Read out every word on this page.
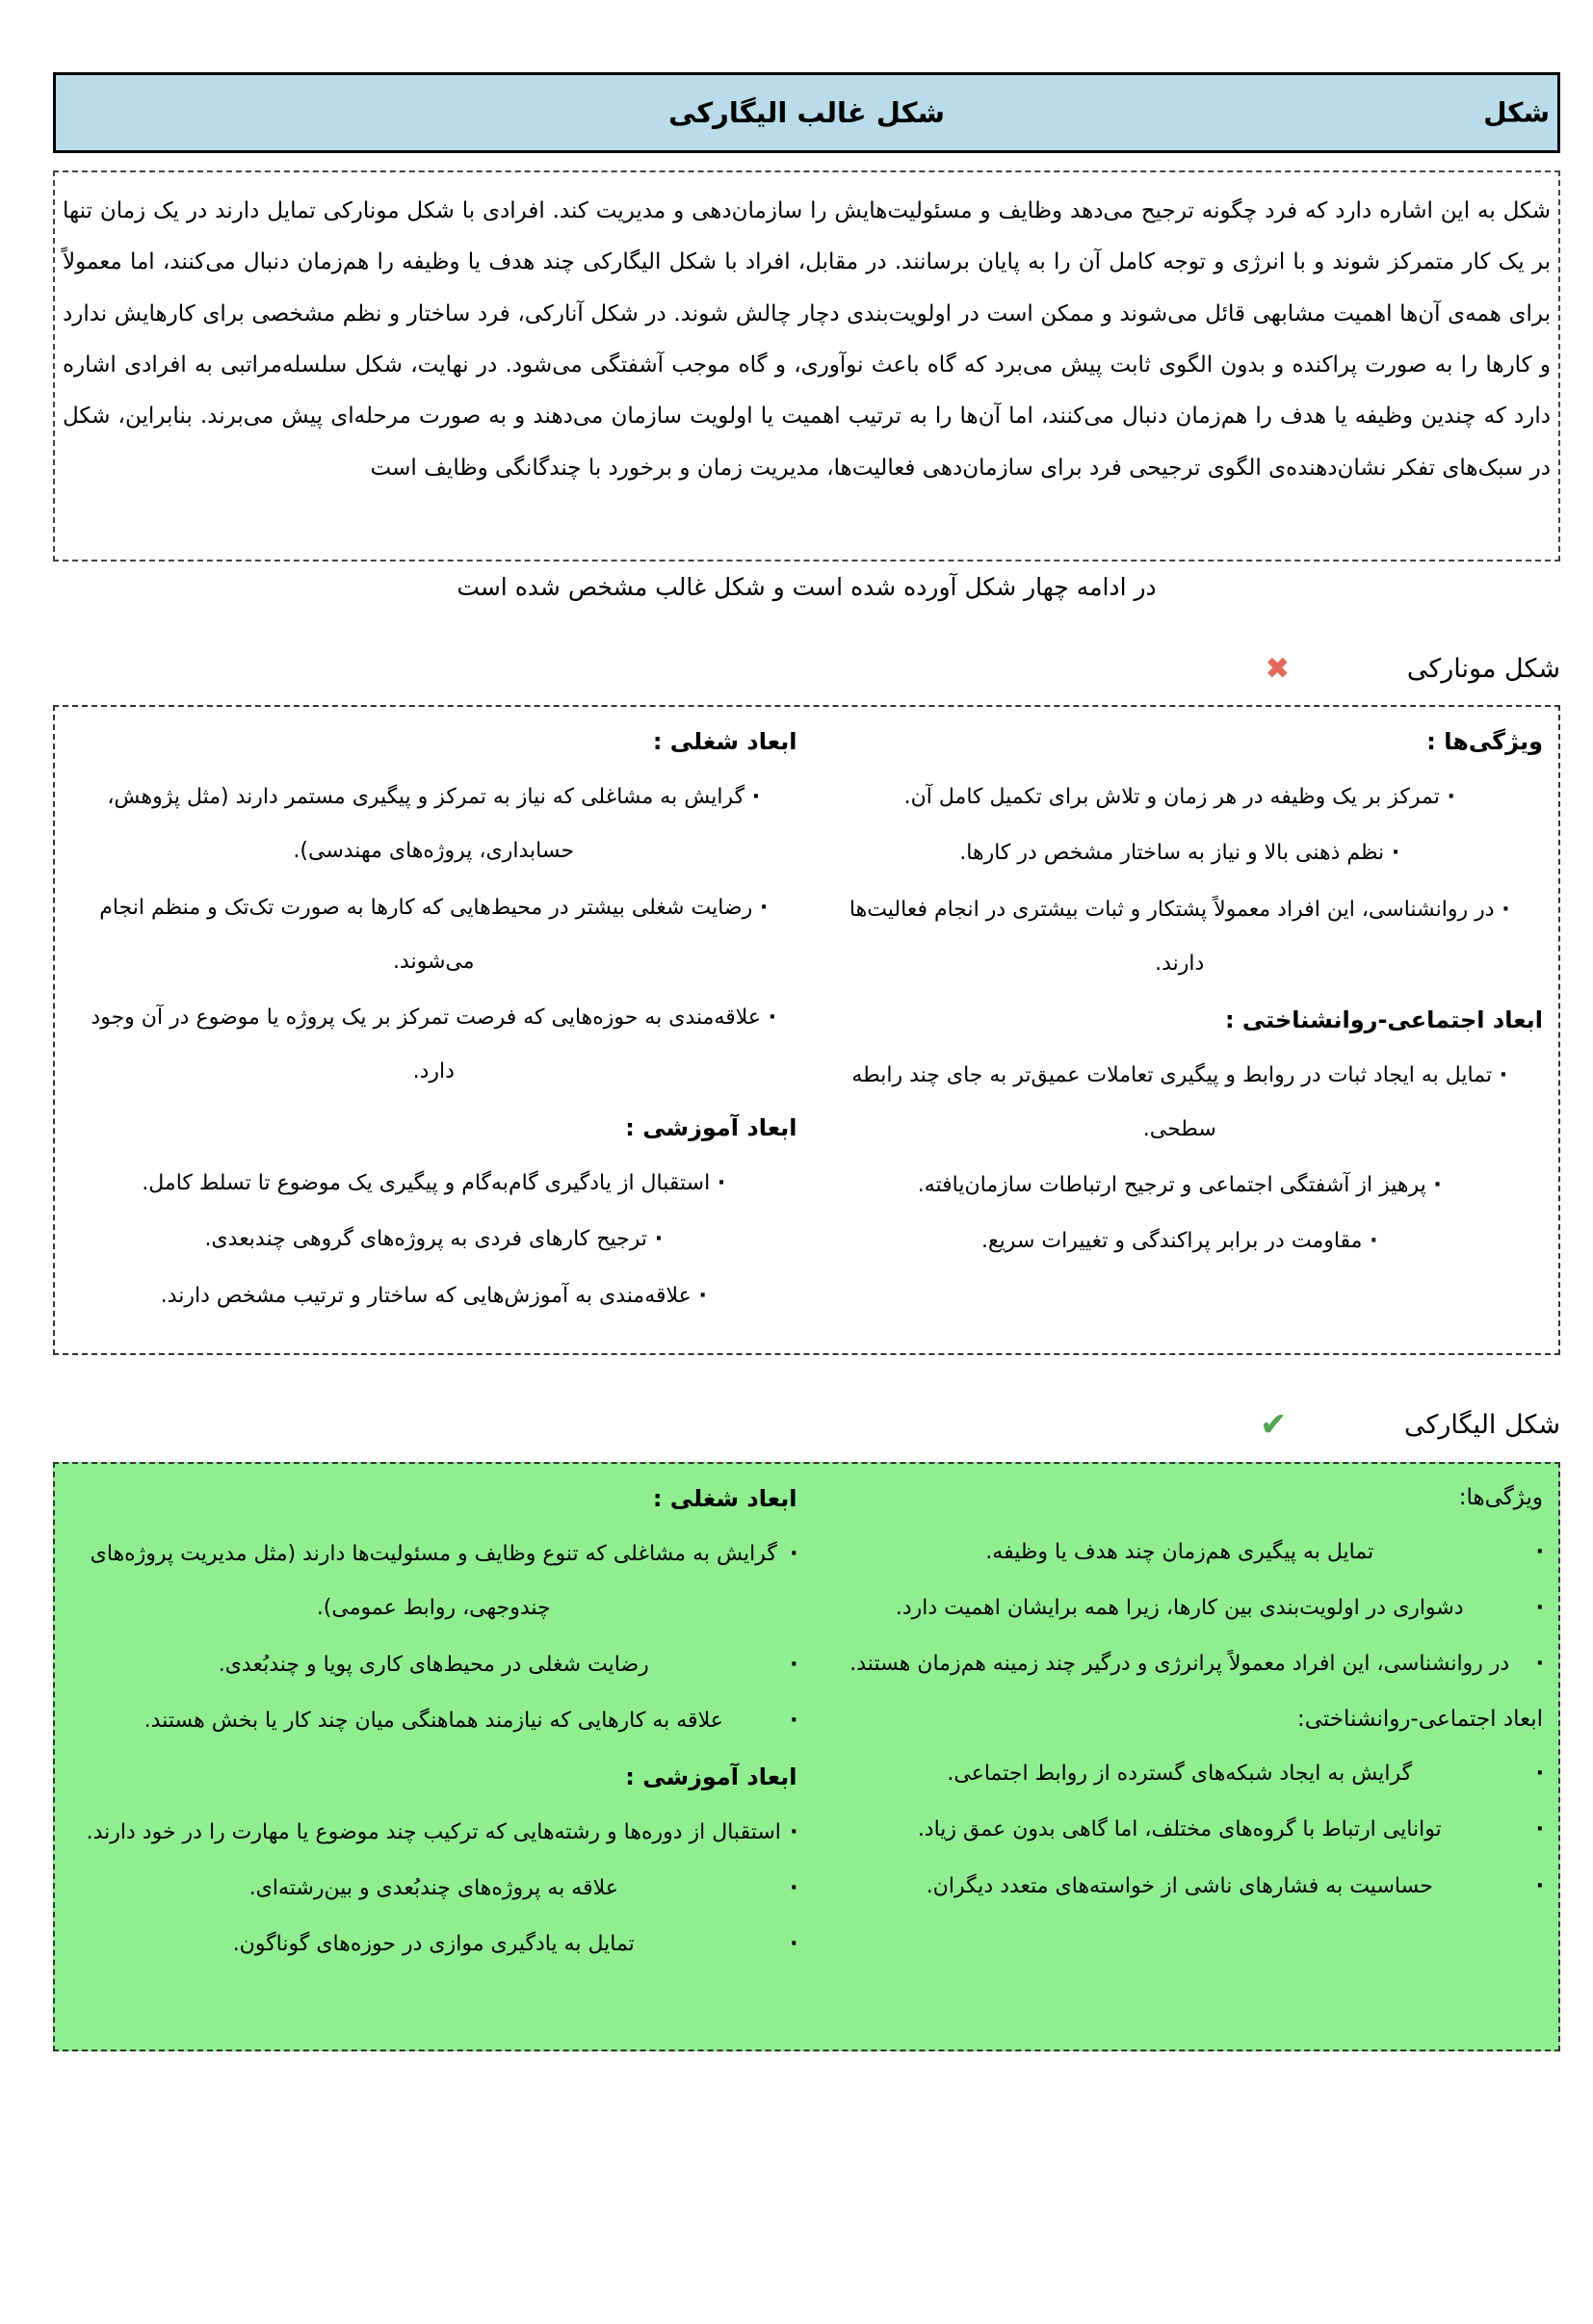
شکل غالب الیگارکی	شکل
شکل به این اشاره دارد که فرد چگونه ترجیح می‌دهد وظایف و مسئولیت‌هایش را سازمان‌دهی و مدیریت کند. افرادی با شکل مونارکی تمایل دارند در یک زمان تنها بر یک کار متمرکز شوند و با انرژی و توجه کامل آن را به پایان برسانند. در مقابل، افراد با شکل الیگارکی چند هدف یا وظیفه را هم‌زمان دنبال می‌کنند، اما معمولاً برای همه‌ی آن‌ها اهمیت مشابهی قائل می‌شوند و ممکن است در اولویت‌بندی دچار چالش شوند. در شکل آنارکی، فرد ساختار و نظم مشخصی برای کارهایش ندارد و کارها را به صورت پراکنده و بدون الگوی ثابت پیش می‌برد که گاه باعث نوآوری، و گاه موجب آشفتگی می‌شود. در نهایت، شکل سلسله‌مراتبی به افرادی اشاره دارد که چندین وظیفه یا هدف را هم‌زمان دنبال می‌کنند، اما آن‌ها را به ترتیب اهمیت یا اولویت سازمان می‌دهند و به صورت مرحله‌ای پیش می‌برند. بنابراین، شکل در سبک‌های تفکر نشان‌دهنده‌ی الگوی ترجیحی فرد برای سازمان‌دهی فعالیت‌ها، مدیریت زمان و برخورد با چندگانگی وظایف است
در ادامه چهار شکل آورده شده است و شکل غالب مشخص شده است
شکل مونارکی
✖
ویژگی‌ها :
· تمرکز بر یک وظیفه در هر زمان و تلاش برای تکمیل کامل آن.
· نظم ذهنی بالا و نیاز به ساختار مشخص در کارها.
· در روانشناسی، این افراد معمولاً پشتکار و ثبات بیشتری در انجام فعالیت‌ها دارند.
ابعاد اجتماعی-روانشناختی :
· تمایل به ایجاد ثبات در روابط و پیگیری تعاملات عمیق‌تر به جای چند رابطه سطحی.
· پرهیز از آشفتگی اجتماعی و ترجیح ارتباطات سازمان‌یافته.
· مقاومت در برابر پراکندگی و تغییرات سریع.
ابعاد شغلی :
· گرایش به مشاغلی که نیاز به تمرکز و پیگیری مستمر دارند (مثل پژوهش، حسابداری، پروژه‌های مهندسی).
· رضایت شغلی بیشتر در محیط‌هایی که کارها به صورت تک‌تک و منظم انجام می‌شوند.
· علاقه‌مندی به حوزه‌هایی که فرصت تمرکز بر یک پروژه یا موضوع در آن وجود دارد.
ابعاد آموزشی :
· استقبال از یادگیری گام‌به‌گام و پیگیری یک موضوع تا تسلط کامل.
· ترجیح کارهای فردی به پروژه‌های گروهی چندبعدی.
· علاقه‌مندی به آموزش‌هایی که ساختار و ترتیب مشخص دارند.
شکل الیگارکی
✔
ویژگی‌ها:
· تمایل به پیگیری هم‌زمان چند هدف یا وظیفه.
· دشواری در اولویت‌بندی بین کارها، زیرا همه برایشان اهمیت دارد.
· در روانشناسی، این افراد معمولاً پرانرژی و درگیر چند زمینه هم‌زمان هستند.
ابعاد اجتماعی-روانشناختی:
· گرایش به ایجاد شبکه‌های گسترده از روابط اجتماعی.
· توانایی ارتباط با گروه‌های مختلف، اما گاهی بدون عمق زیاد.
· حساسیت به فشارهای ناشی از خواسته‌های متعدد دیگران.
ابعاد شغلی :
· گرایش به مشاغلی که تنوع وظایف و مسئولیت‌ها دارند (مثل مدیریت پروژه‌های چندوجهی، روابط عمومی).
· رضایت شغلی در محیط‌های کاری پویا و چندبُعدی.
· علاقه به کارهایی که نیازمند هماهنگی میان چند کار یا بخش هستند.
ابعاد آموزشی :
· استقبال از دوره‌ها و رشته‌هایی که ترکیب چند موضوع یا مهارت را در خود دارند.
· علاقه به پروژه‌های چندبُعدی و بین‌رشته‌ای.
· تمایل به یادگیری موازی در حوزه‌های گوناگون.
